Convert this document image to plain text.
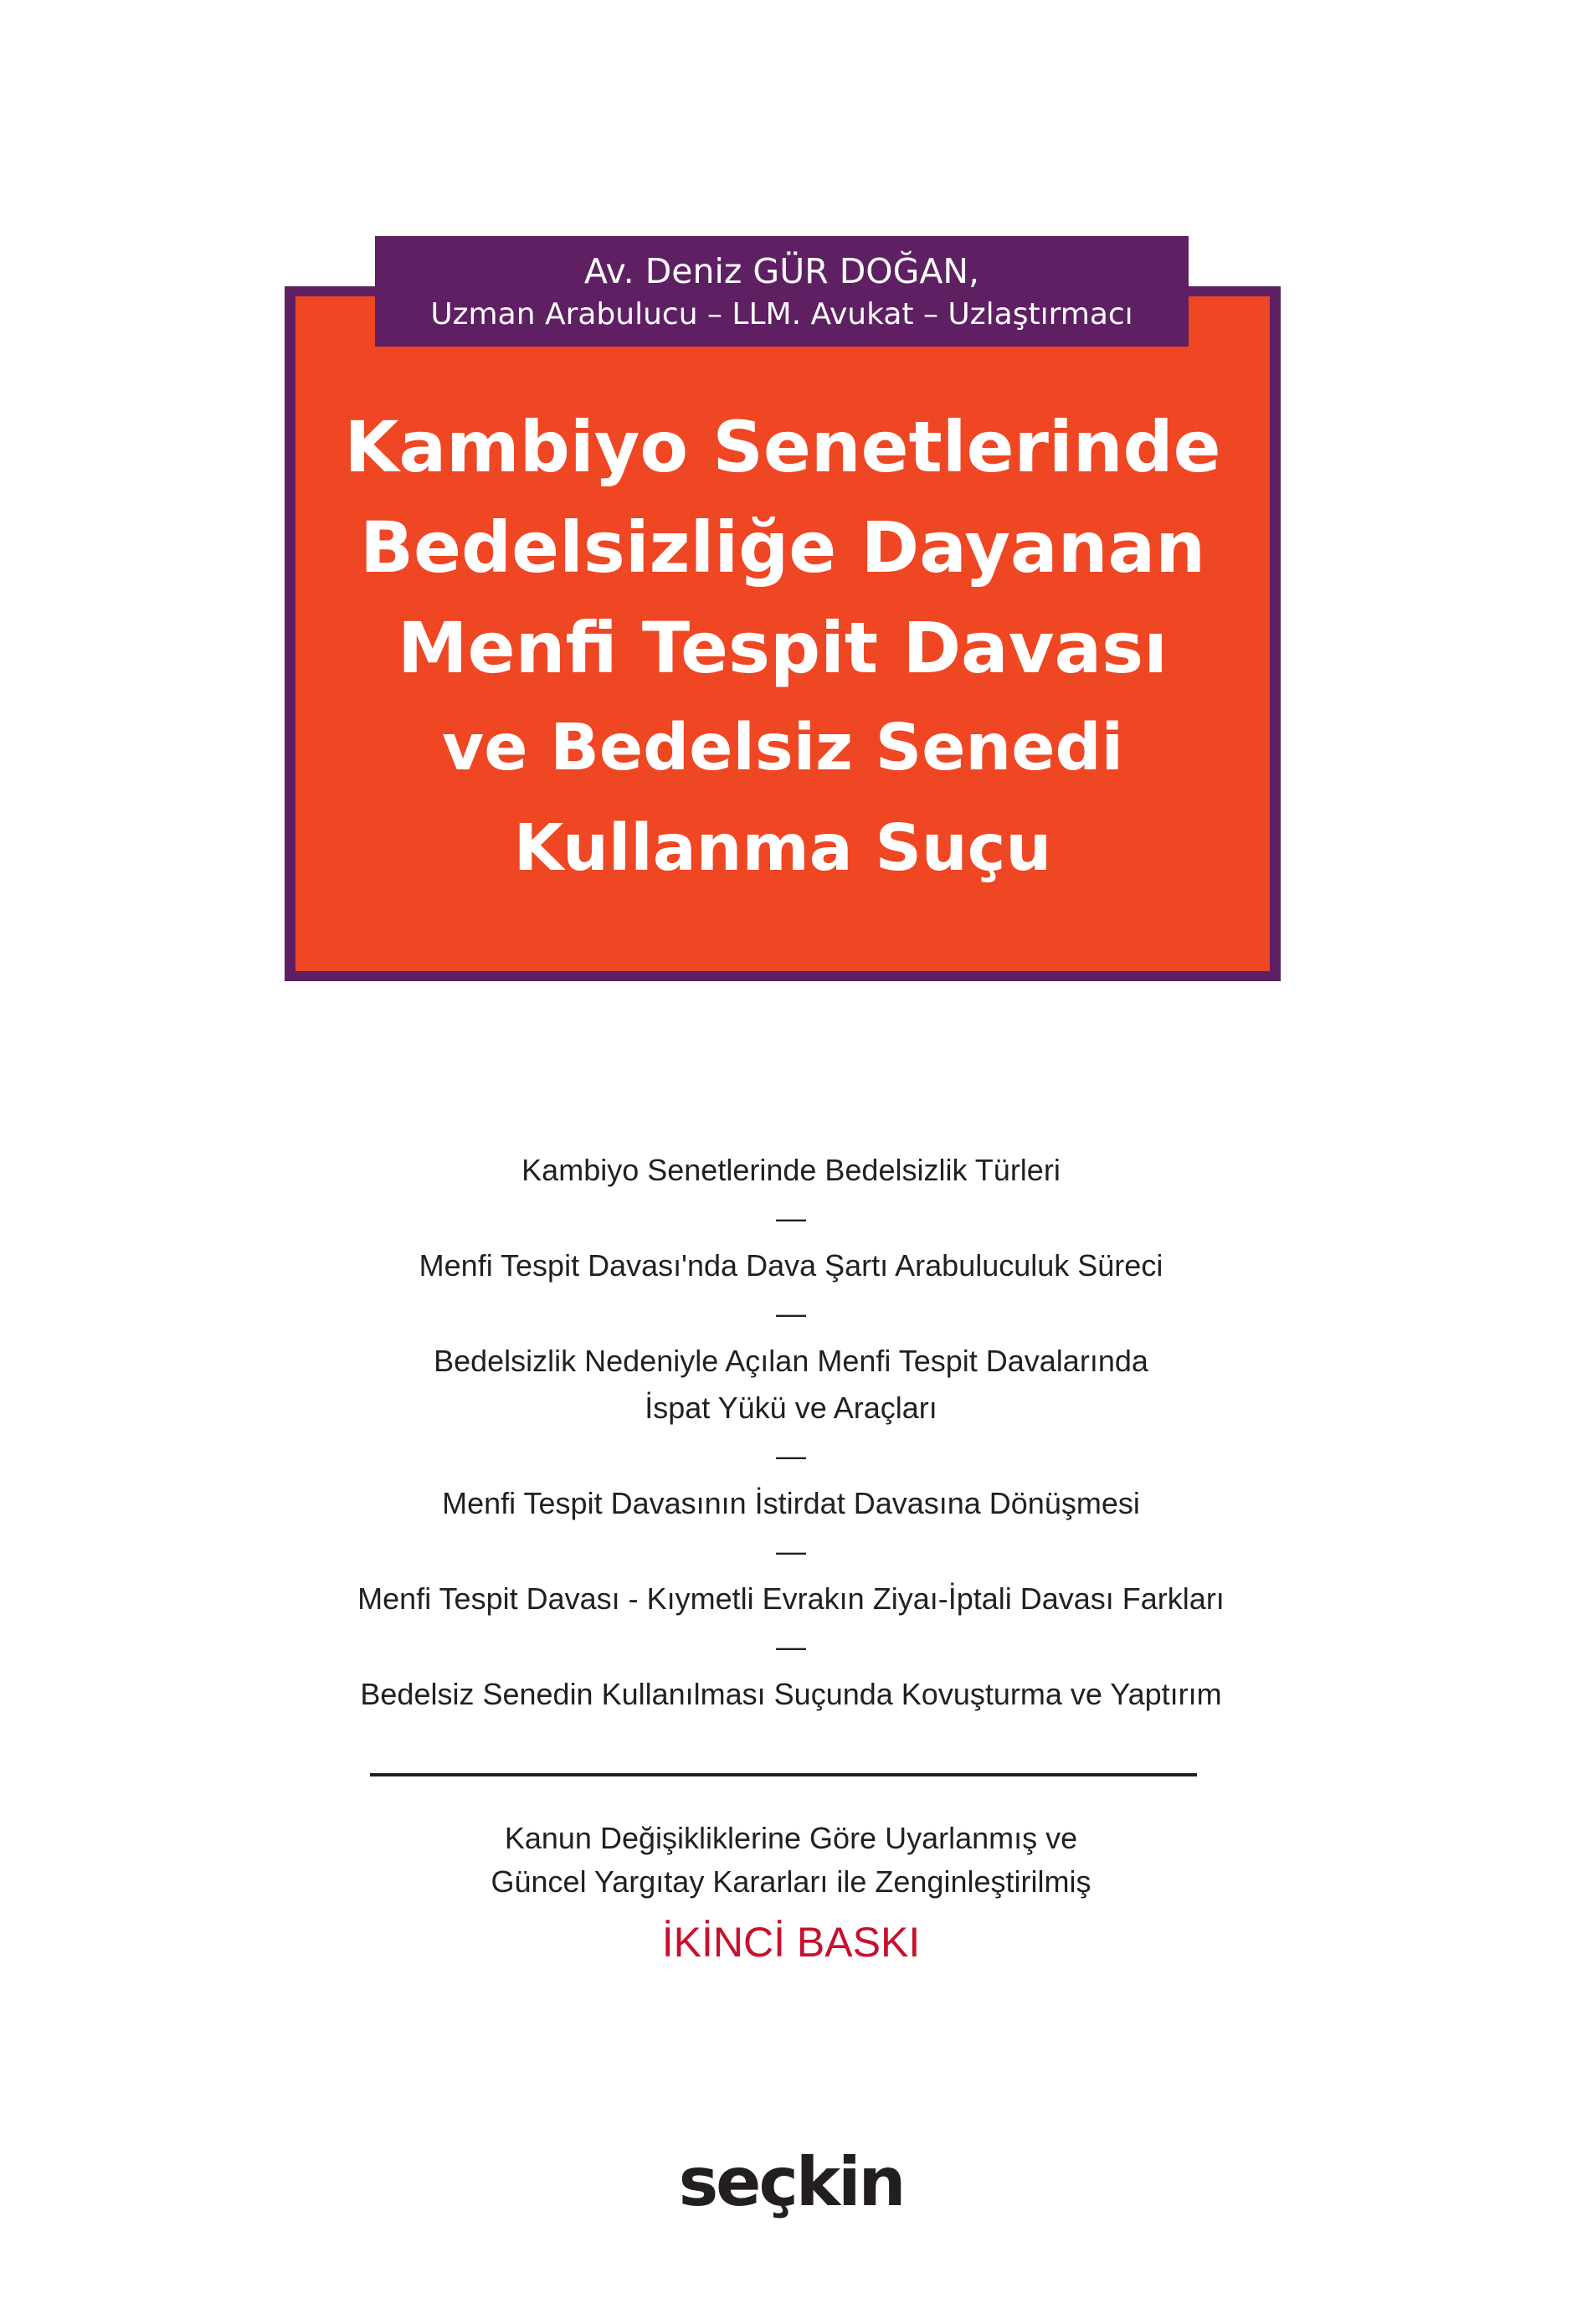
Av. Deniz GÜR DOĞAN,
Uzman Arabulucu – LLM. Avukat – Uzlaştırmacı
Kambiyo Senetlerinde
Bedelsizliğe Dayanan
Menfi Tespit Davası
ve Bedelsiz Senedi
Kullanma Suçu
Kambiyo Senetlerinde Bedelsizlik Türleri
—
Menfi Tespit Davası'nda Dava Şartı Arabuluculuk Süreci
—
Bedelsizlik Nedeniyle Açılan Menfi Tespit Davalarında
İspat Yükü ve Araçları
—
Menfi Tespit Davasının İstirdat Davasına Dönüşmesi
—
Menfi Tespit Davası - Kıymetli Evrakın Ziyaı-İptali Davası Farkları
—
Bedelsiz Senedin Kullanılması Suçunda Kovuşturma ve Yaptırım
Kanun Değişikliklerine Göre Uyarlanmış ve
Güncel Yargıtay Kararları ile Zenginleştirilmiş
İKİNCİ BASKI
seçkin
